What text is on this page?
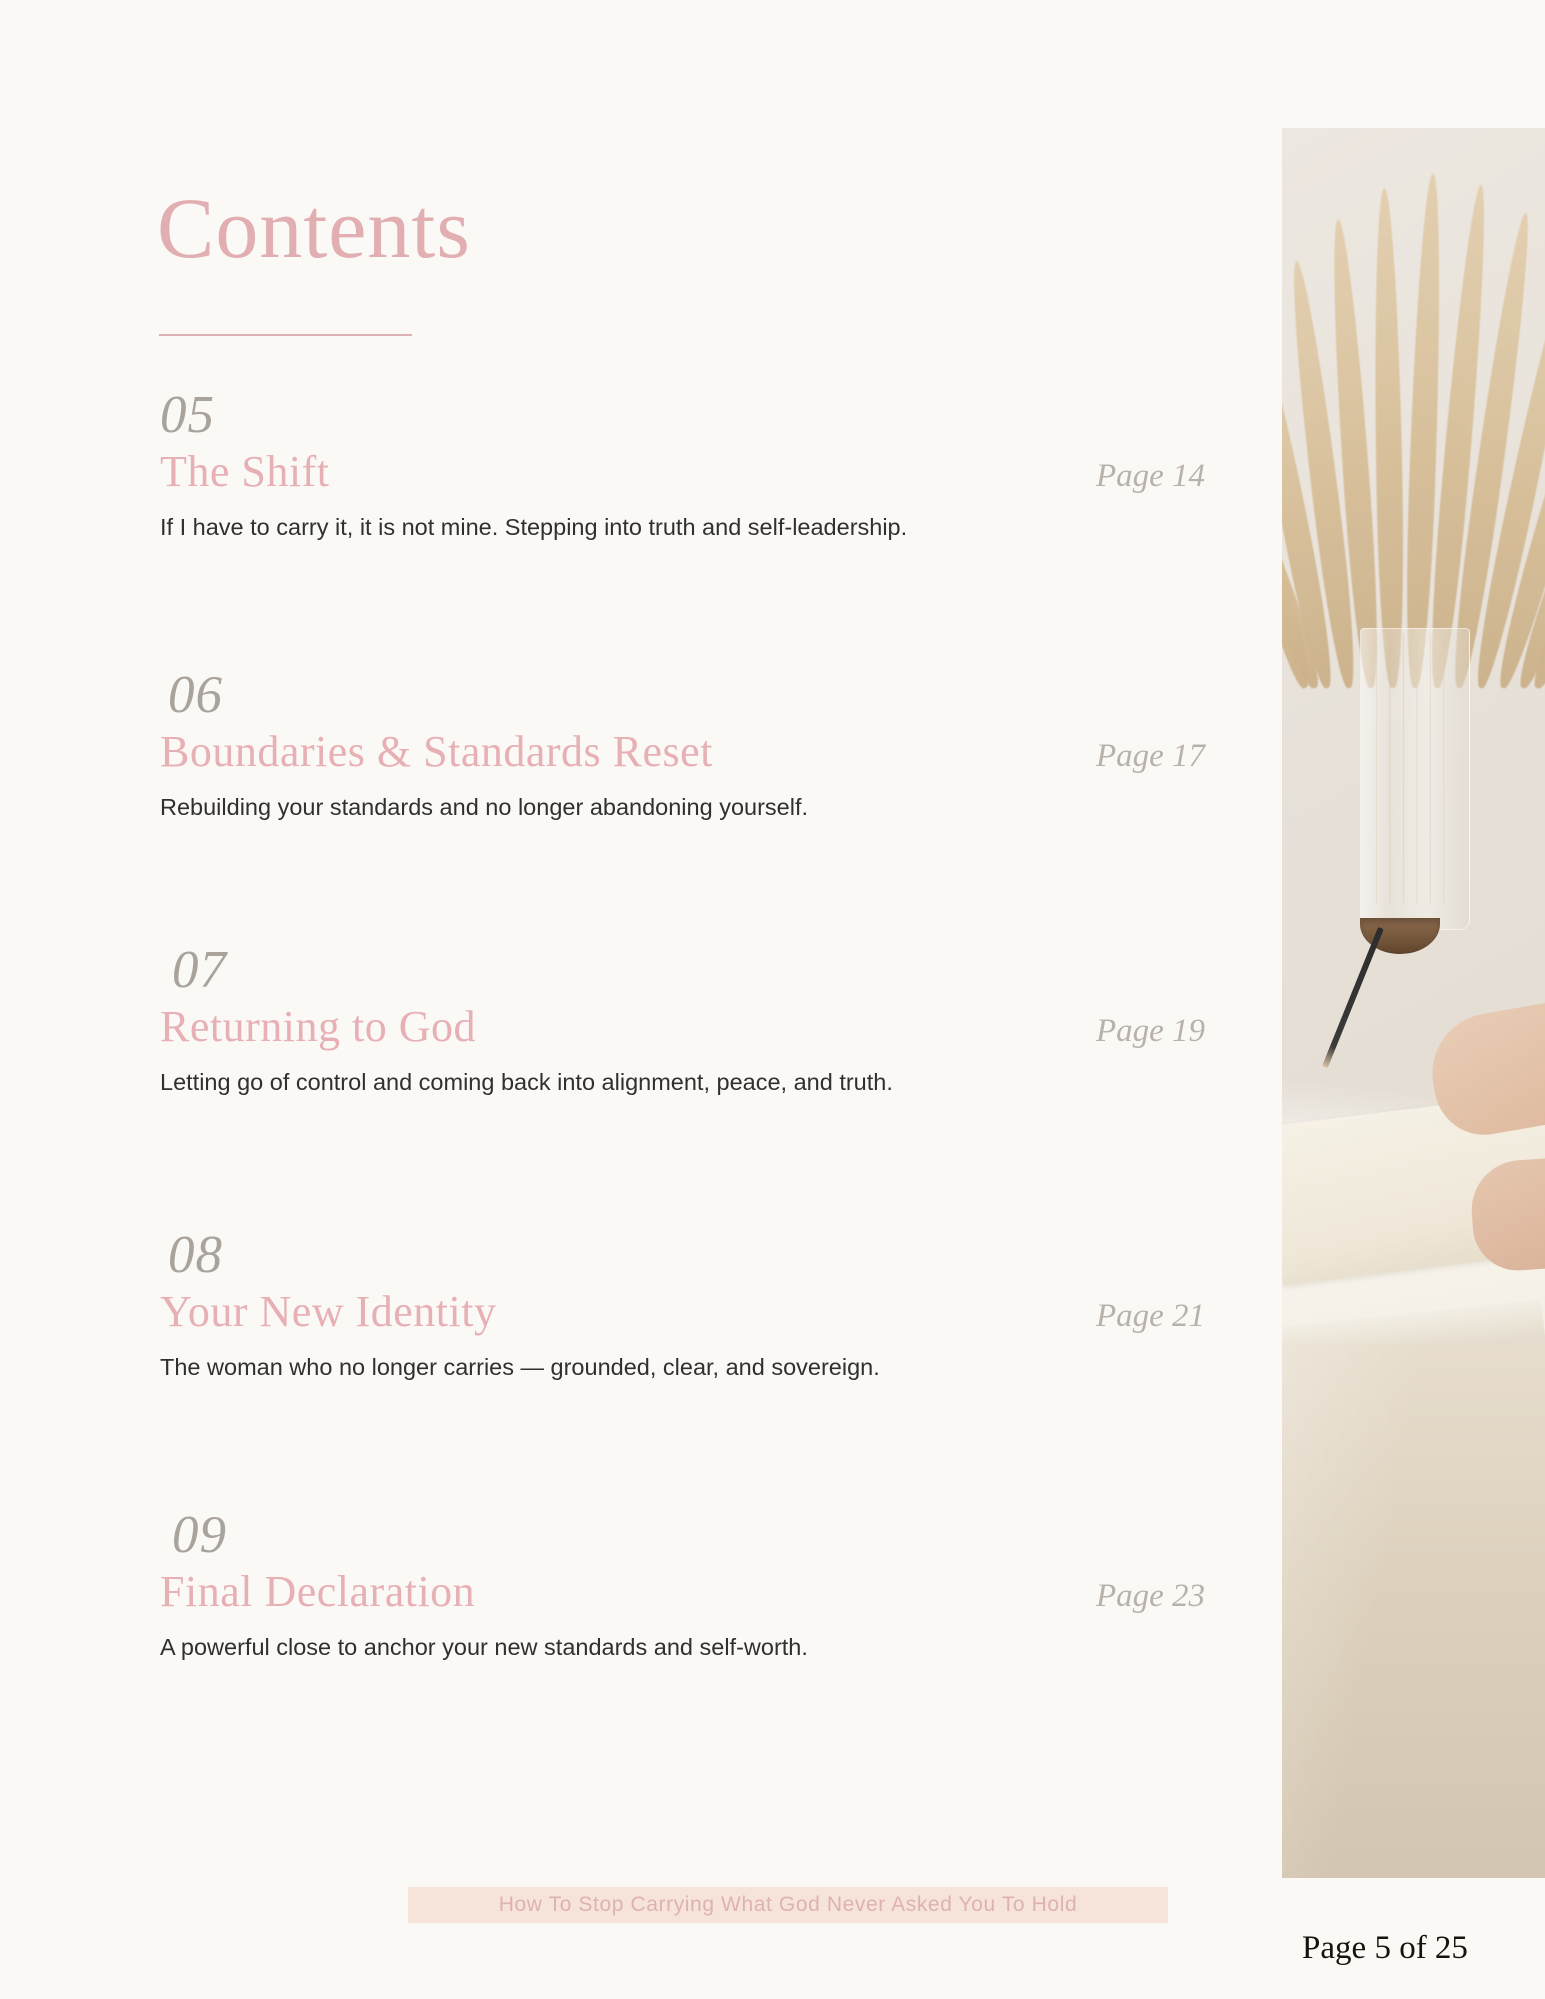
Contents
05
The Shift	Page 14
If I have to carry it, it is not mine. Stepping into truth and self-leadership.
06
Boundaries & Standards Reset	Page 17
Rebuilding your standards and no longer abandoning yourself.
07
Returning to God	Page 19
Letting go of control and coming back into alignment, peace, and truth.
08
Your New Identity	Page 21
The woman who no longer carries — grounded, clear, and sovereign.
09
Final Declaration	Page 23
A powerful close to anchor your new standards and self-worth.
How To Stop Carrying What God Never Asked You To Hold
Page 5 of 25
